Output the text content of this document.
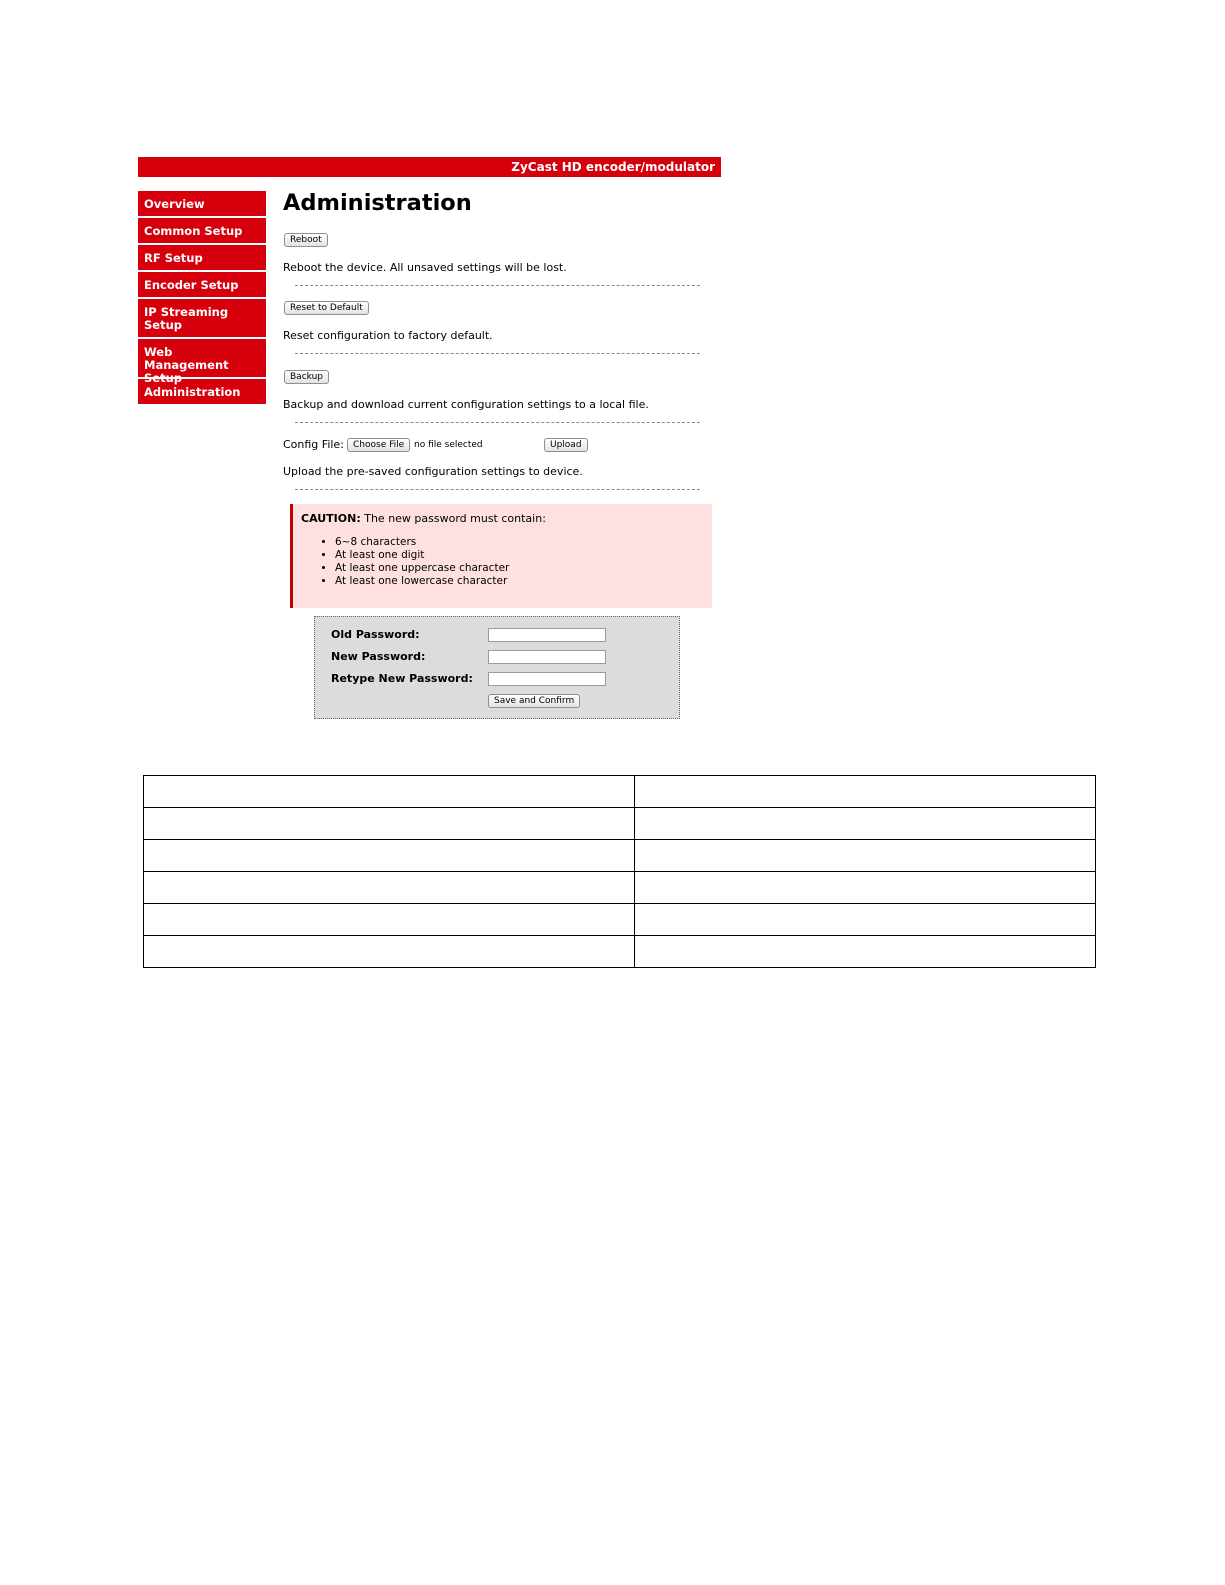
ZyCast HD encoder/modulator
Overview
Common Setup
RF Setup
Encoder Setup
IP Streaming Setup
Web Management Setup
Administration
Administration
Reboot
Reboot the device. All unsaved settings will be lost.
Reset to Default
Reset configuration to factory default.
Backup
Backup and download current configuration settings to a local file.
Config File:	Choose File	no file selected	Upload
Upload the pre-saved configuration settings to device.
CAUTION: The new password must contain:
• 6~8 characters
• At least one digit
• At least one uppercase character
• At least one lowercase character
Old Password:
New Password:
Retype New Password:
Save and Confirm
